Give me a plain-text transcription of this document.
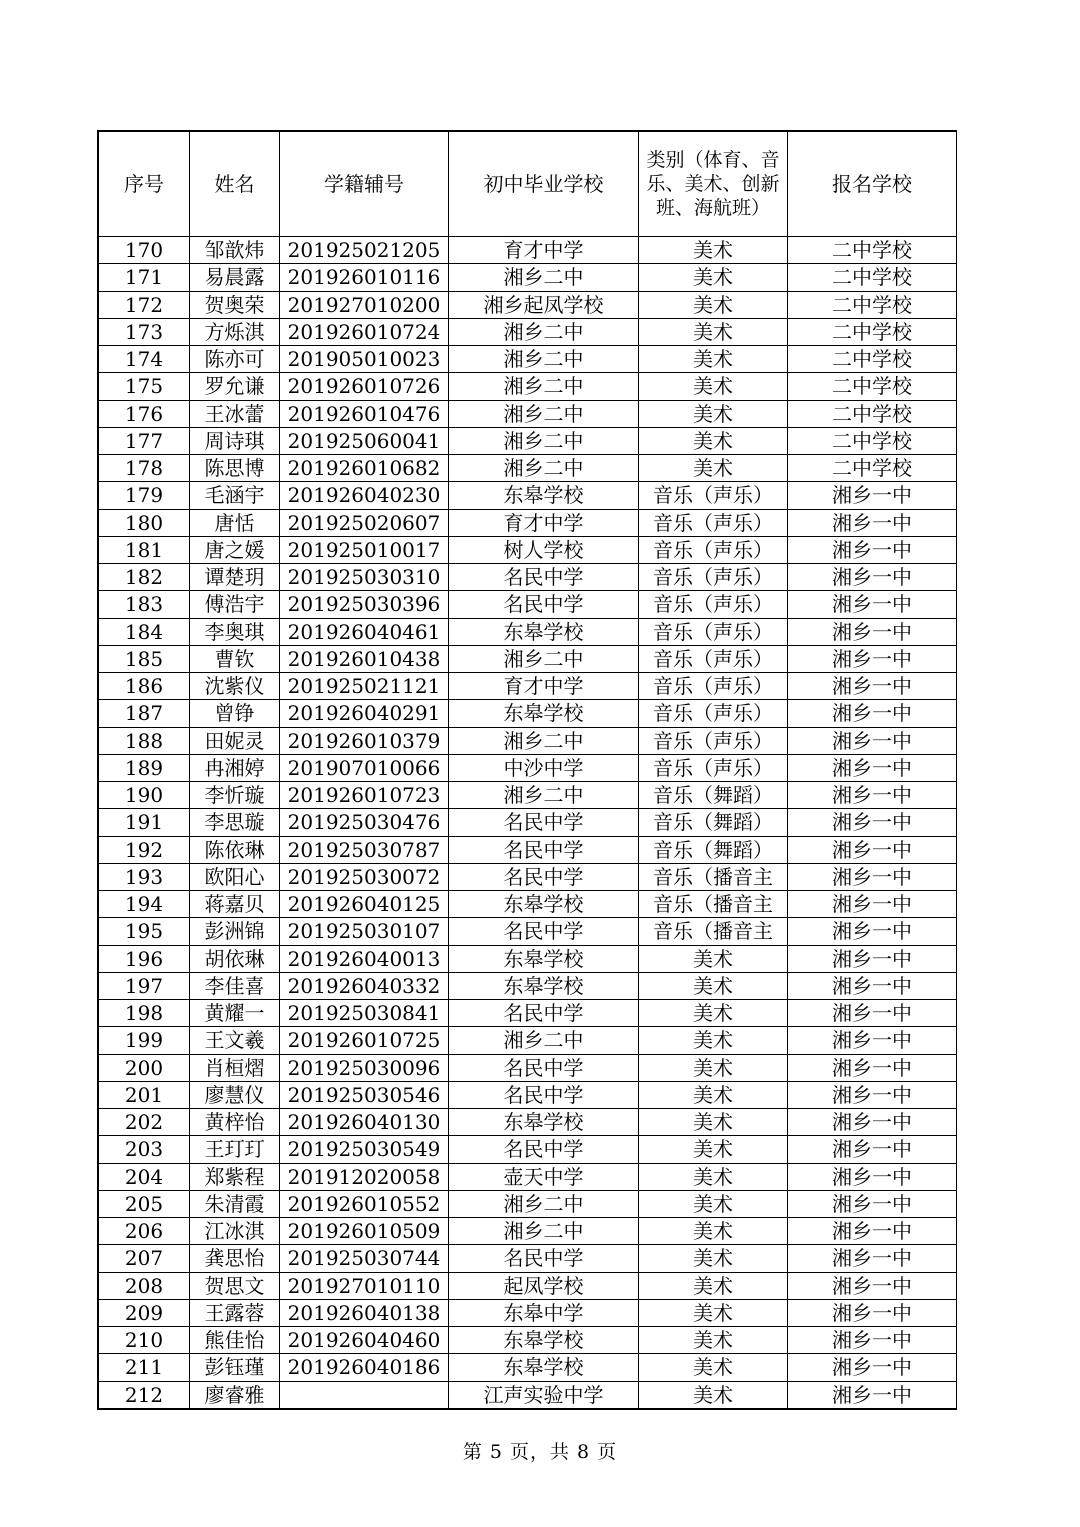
序号	姓名	学籍辅号	初中毕业学校	类别（体育、音乐、美术、创新班、海航班）	报名学校
170	邹歆炜	201925021205	育才中学	美术	二中学校
171	易晨露	201926010116	湘乡二中	美术	二中学校
172	贺奥荣	201927010200	湘乡起凤学校	美术	二中学校
173	方烁淇	201926010724	湘乡二中	美术	二中学校
174	陈亦可	201905010023	湘乡二中	美术	二中学校
175	罗允谦	201926010726	湘乡二中	美术	二中学校
176	王冰蕾	201926010476	湘乡二中	美术	二中学校
177	周诗琪	201925060041	湘乡二中	美术	二中学校
178	陈思博	201926010682	湘乡二中	美术	二中学校
179	毛涵宇	201926040230	东皋学校	音乐（声乐）	湘乡一中
180	唐恬	201925020607	育才中学	音乐（声乐）	湘乡一中
181	唐之媛	201925010017	树人学校	音乐（声乐）	湘乡一中
182	谭楚玥	201925030310	名民中学	音乐（声乐）	湘乡一中
183	傅浩宇	201925030396	名民中学	音乐（声乐）	湘乡一中
184	李奥琪	201926040461	东皋学校	音乐（声乐）	湘乡一中
185	曹钦	201926010438	湘乡二中	音乐（声乐）	湘乡一中
186	沈紫仪	201925021121	育才中学	音乐（声乐）	湘乡一中
187	曾铮	201926040291	东皋学校	音乐（声乐）	湘乡一中
188	田妮灵	201926010379	湘乡二中	音乐（声乐）	湘乡一中
189	冉湘婷	201907010066	中沙中学	音乐（声乐）	湘乡一中
190	李忻璇	201926010723	湘乡二中	音乐（舞蹈）	湘乡一中
191	李思璇	201925030476	名民中学	音乐（舞蹈）	湘乡一中
192	陈依琳	201925030787	名民中学	音乐（舞蹈）	湘乡一中
193	欧阳心	201925030072	名民中学	音乐（播音主	湘乡一中
194	蒋嘉贝	201926040125	东皋学校	音乐（播音主	湘乡一中
195	彭洲锦	201925030107	名民中学	音乐（播音主	湘乡一中
196	胡依琳	201926040013	东皋学校	美术	湘乡一中
197	李佳喜	201926040332	东皋学校	美术	湘乡一中
198	黄耀一	201925030841	名民中学	美术	湘乡一中
199	王文羲	201926010725	湘乡二中	美术	湘乡一中
200	肖桓熠	201925030096	名民中学	美术	湘乡一中
201	廖慧仪	201925030546	名民中学	美术	湘乡一中
202	黄梓怡	201926040130	东皋学校	美术	湘乡一中
203	王玎玎	201925030549	名民中学	美术	湘乡一中
204	郑紫程	201912020058	壶天中学	美术	湘乡一中
205	朱清霞	201926010552	湘乡二中	美术	湘乡一中
206	江冰淇	201926010509	湘乡二中	美术	湘乡一中
207	龚思怡	201925030744	名民中学	美术	湘乡一中
208	贺思文	201927010110	起凤学校	美术	湘乡一中
209	王露蓉	201926040138	东皋中学	美术	湘乡一中
210	熊佳怡	201926040460	东皋学校	美术	湘乡一中
211	彭钰瑾	201926040186	东皋学校	美术	湘乡一中
212	廖睿雅		江声实验中学	美术	湘乡一中
第 5 页，共 8 页
